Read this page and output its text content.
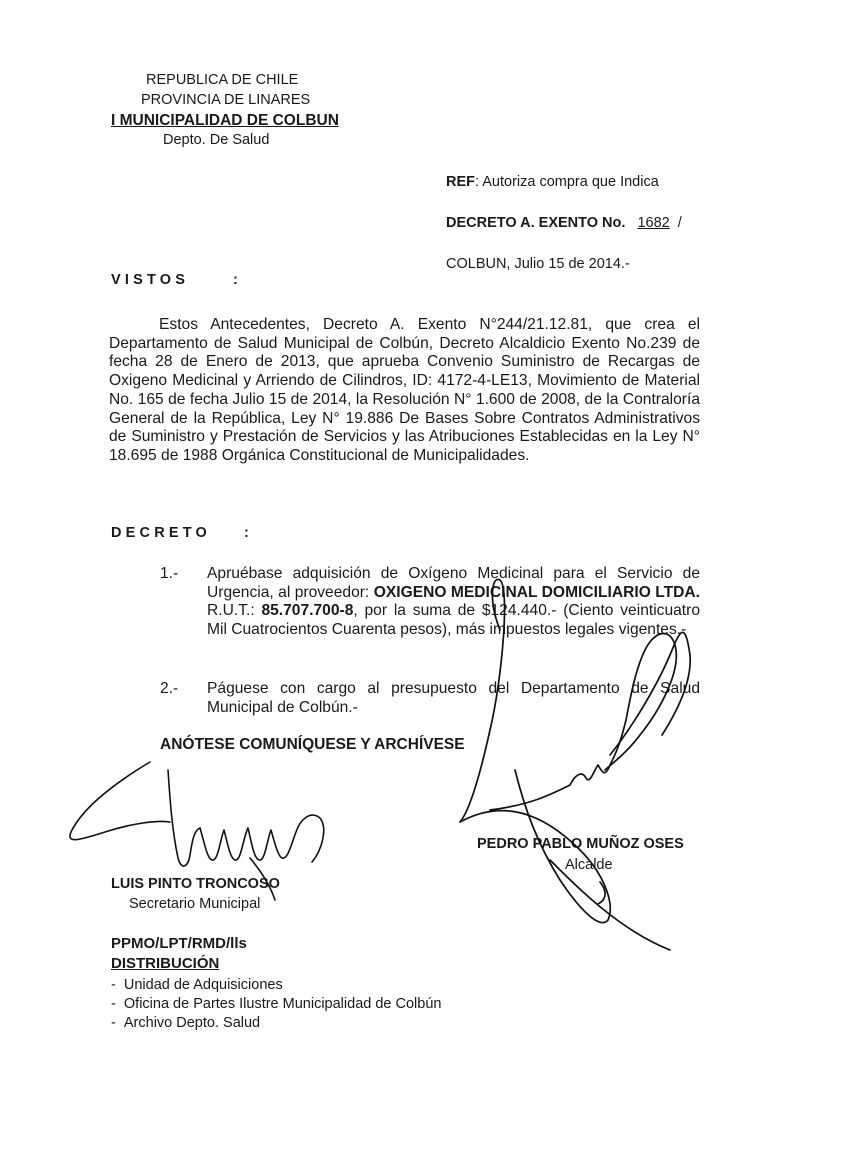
REPUBLICA DE CHILE
PROVINCIA DE LINARES
I MUNICIPALIDAD DE COLBUN
Depto. De Salud
REF: Autoriza compra que Indica
DECRETO A. EXENTO No. 1682 /
COLBUN, Julio 15 de 2014.-
VISTOS	:
Estos Antecedentes, Decreto A. Exento N°244/21.12.81, que crea el Departamento de Salud Municipal de Colbún, Decreto Alcaldicio Exento No.239 de fecha 28 de Enero de 2013, que aprueba Convenio Suministro de Recargas de Oxigeno Medicinal y Arriendo de Cilindros, ID: 4172-4-LE13, Movimiento de Material No. 165 de fecha Julio 15 de 2014, la Resolución N° 1.600 de 2008, de la Contraloría General de la República, Ley N° 19.886 De Bases Sobre Contratos Administrativos de Suministro y Prestación de Servicios y las Atribuciones Establecidas en la Ley N° 18.695 de 1988 Orgánica Constitucional de Municipalidades.
DECRETO :
1.- Apruébase adquisición de Oxígeno Medicinal para el Servicio de Urgencia, al proveedor: OXIGENO MEDICINAL DOMICILIARIO LTDA. R.U.T.: 85.707.700-8, por la suma de $124.440.- (Ciento veinticuatro Mil Cuatrocientos Cuarenta pesos), más impuestos legales vigentes.-
2.- Páguese con cargo al presupuesto del Departamento de Salud Municipal de Colbún.-
ANÓTESE COMUNÍQUESE Y ARCHÍVESE
PEDRO PABLO MUÑOZ OSES
Alcalde
LUIS PINTO TRONCOSO
Secretario Municipal
PPMO/LPT/RMD/lls
DISTRIBUCIÓN
-  Unidad de Adquisiciones
-  Oficina de Partes Ilustre Municipalidad de Colbún
-  Archivo Depto. Salud
